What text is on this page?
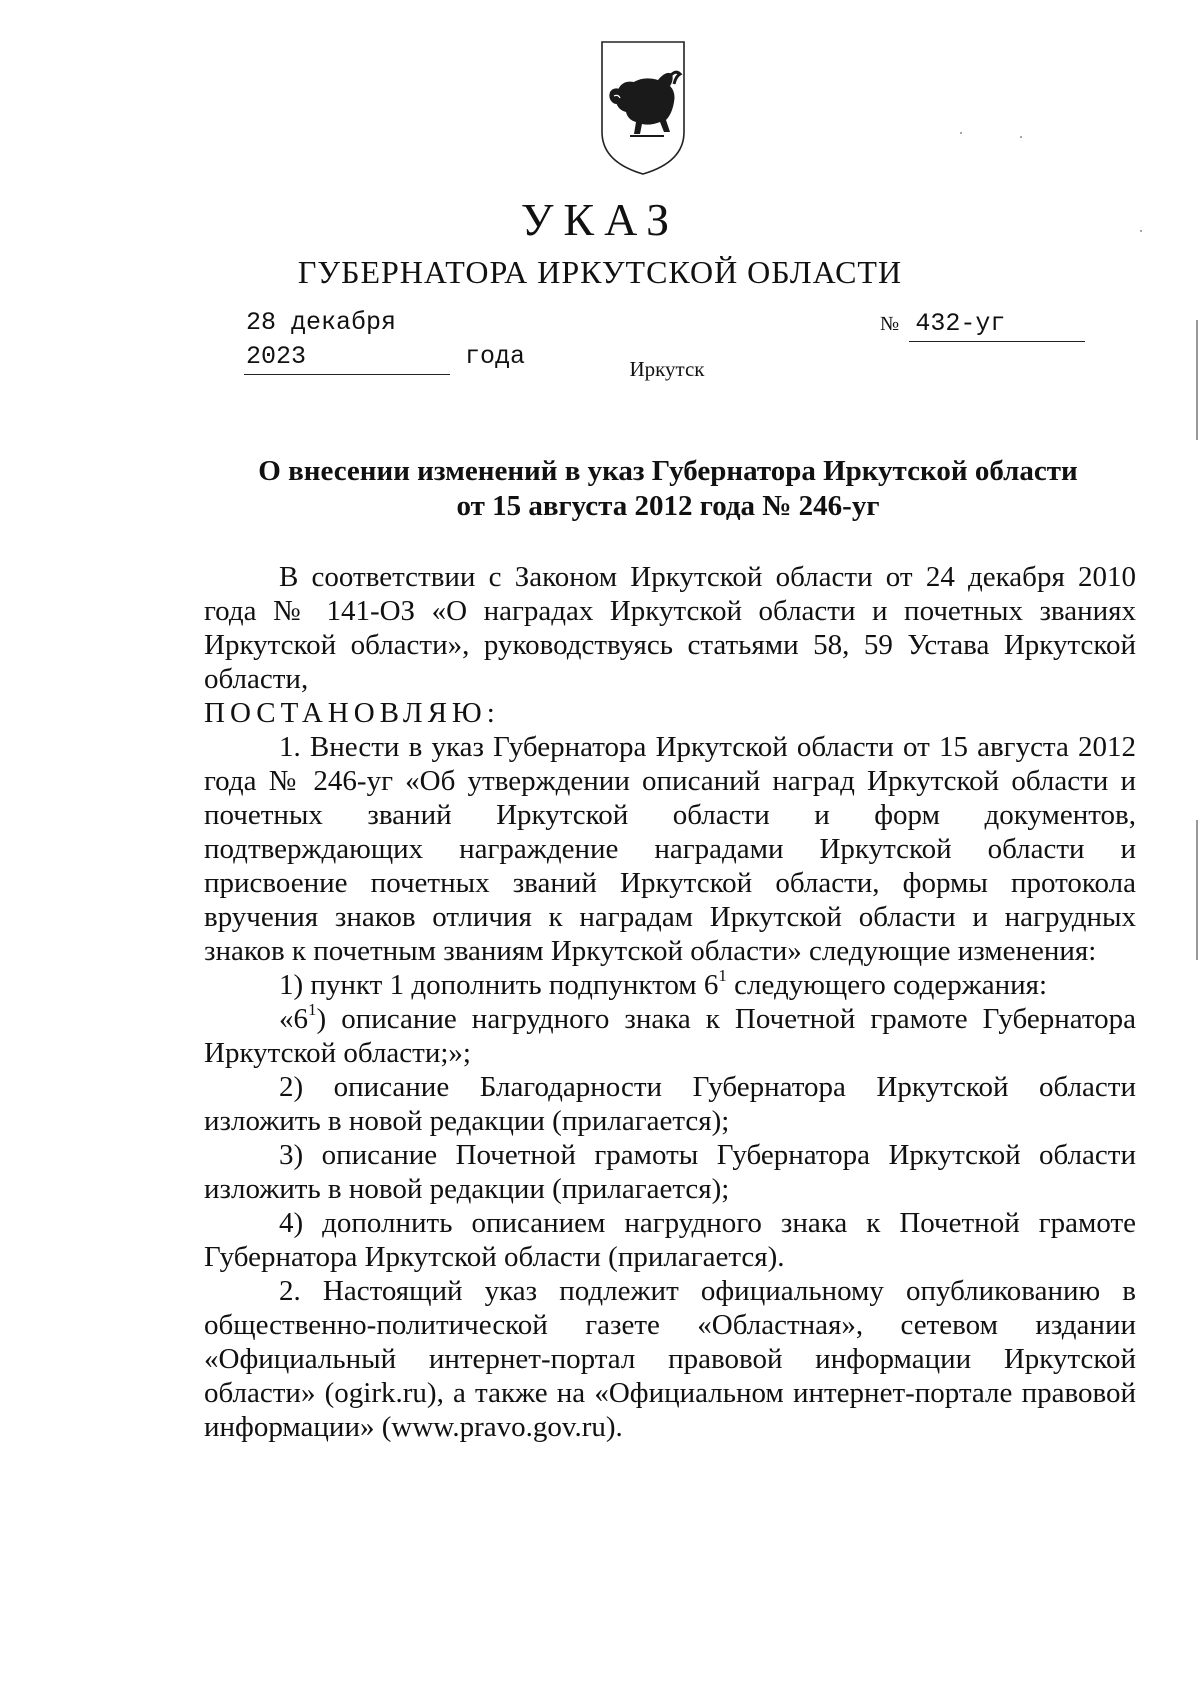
УКАЗ
ГУБЕРНАТОРА ИРКУТСКОЙ ОБЛАСТИ
28 декабря 2023	года
№ 432-уг
Иркутск
О внесении изменений в указ Губернатора Иркутской области
от 15 августа 2012 года № 246-уг

В соответствии с Законом Иркутской области от 24 декабря 2010 года № 141-ОЗ «О наградах Иркутской области и почетных званиях Иркутской области», руководствуясь статьями 58, 59 Устава Иркутской области,

ПОСТАНОВЛЯЮ:

1. Внести в указ Губернатора Иркутской области от 15 августа 2012 года № 246-уг «Об утверждении описаний наград Иркутской области и почетных званий Иркутской области и форм документов, подтверждающих награждение наградами Иркутской области и присвоение почетных званий Иркутской области, формы протокола вручения знаков отличия к наградам Иркутской области и нагрудных знаков к почетным званиям Иркутской области» следующие изменения:

1) пункт 1 дополнить подпунктом $6^1$ следующего содержания:

«$6^1$) описание нагрудного знака к Почетной грамоте Губернатора Иркутской области;»;

2) описание Благодарности Губернатора Иркутской области изложить в новой редакции (прилагается);

3) описание Почетной грамоты Губернатора Иркутской области изложить в новой редакции (прилагается);

4) дополнить описанием нагрудного знака к Почетной грамоте Губернатора Иркутской области (прилагается).

2. Настоящий указ подлежит официальному опубликованию в общественно-политической газете «Областная», сетевом издании «Официальный интернет-портал правовой информации Иркутской области» (ogirk.ru), а также на «Официальном интернет-портале правовой информации» (www.pravo.gov.ru).
